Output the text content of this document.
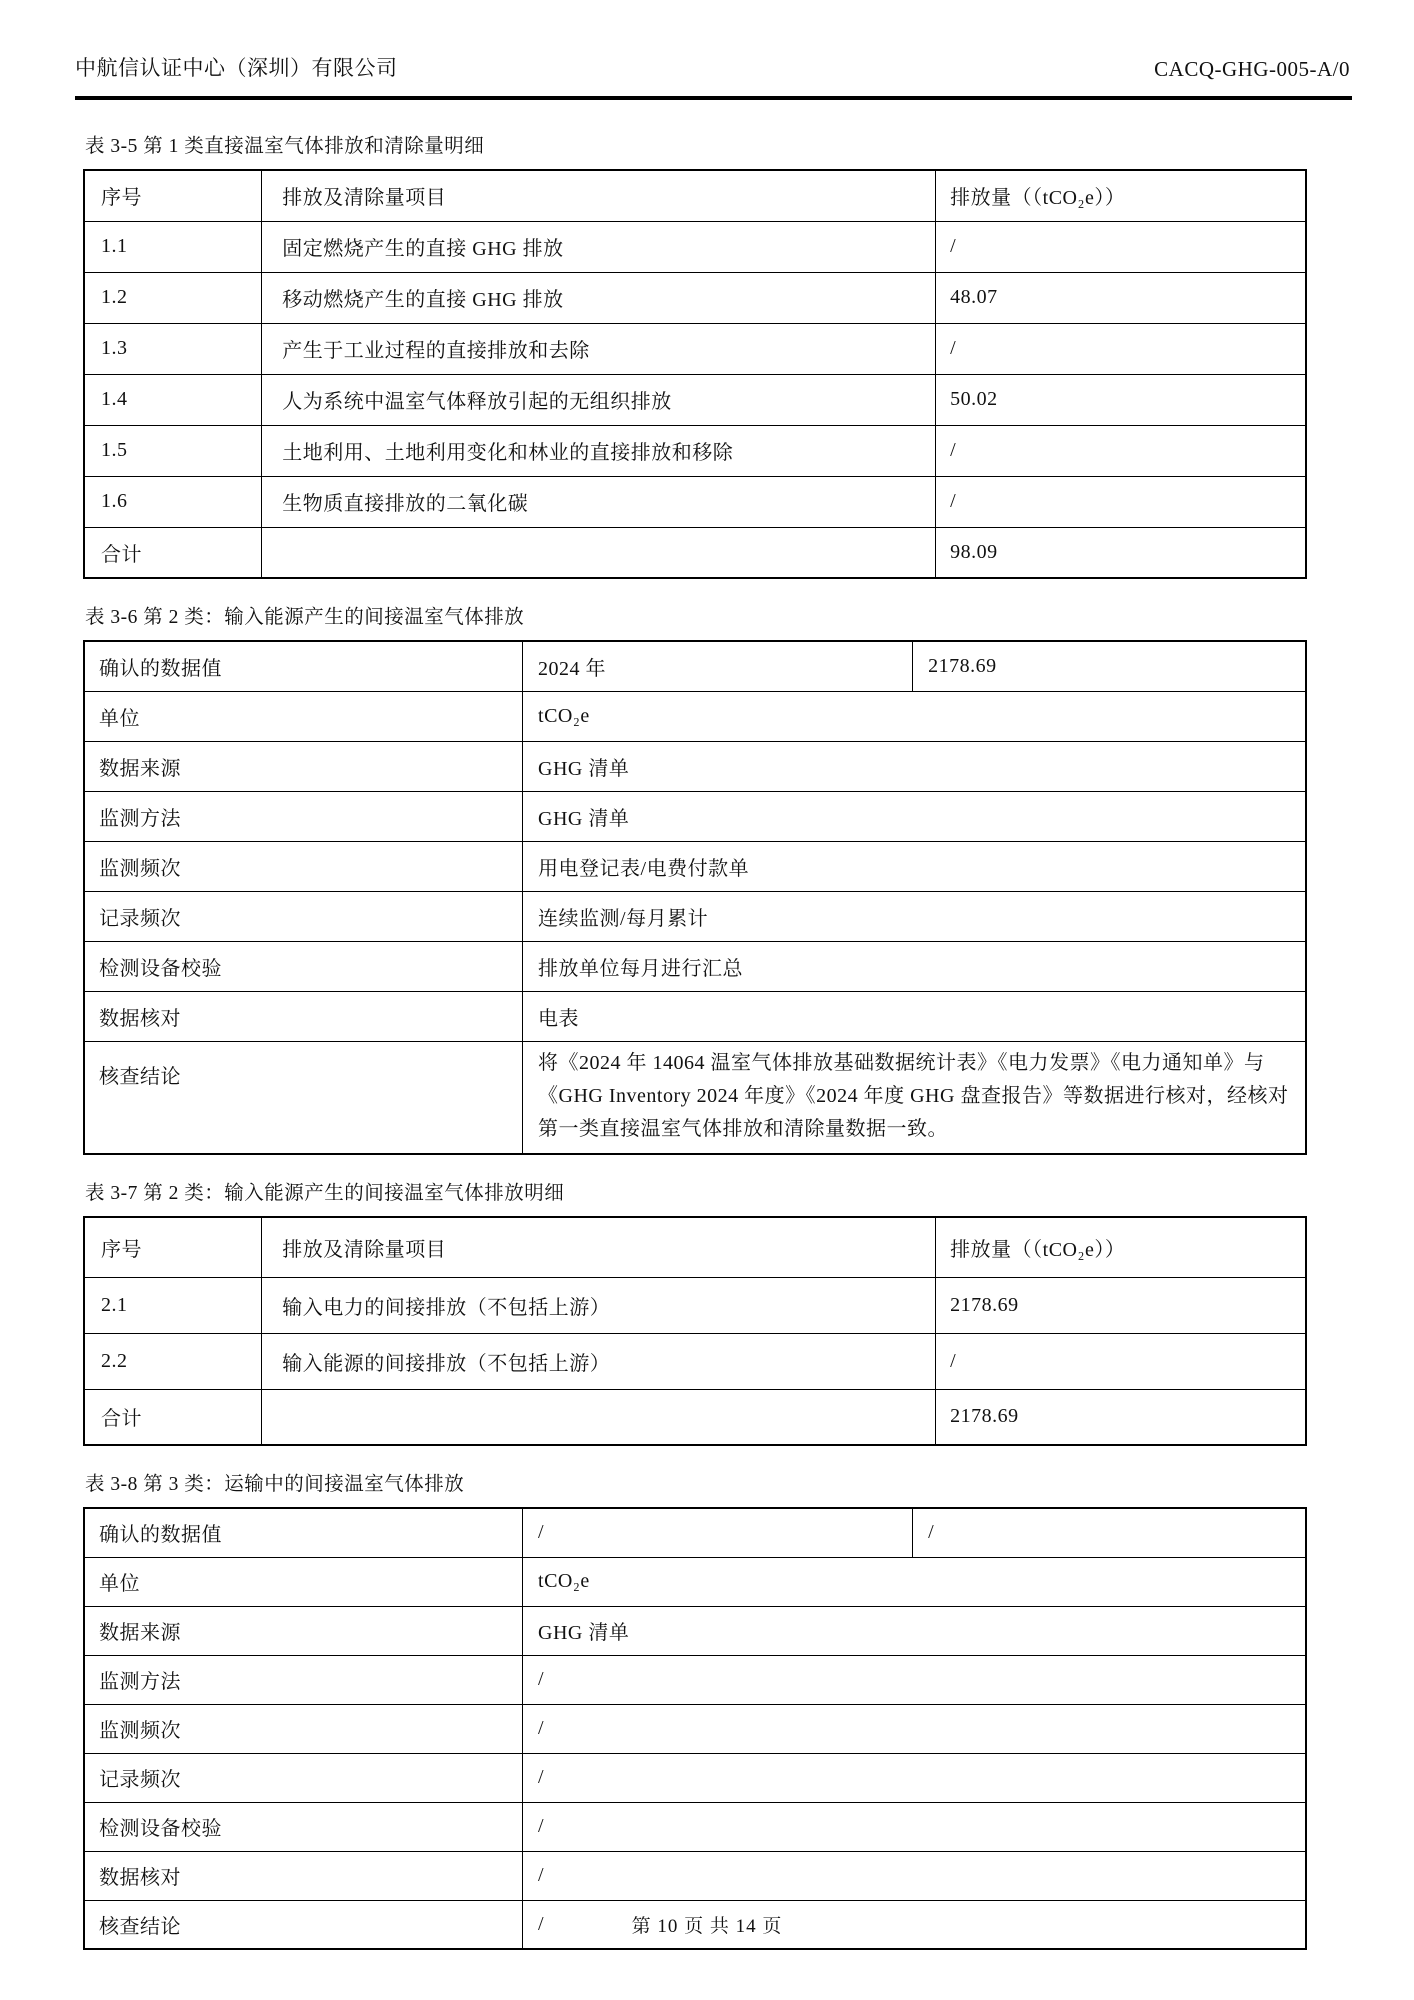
中航信认证中心（深圳）有限公司	CACQ-GHG-005-A/0

表 3-5 第 1 类直接温室气体排放和清除量明细

序号	排放及清除量项目	排放量（（tCO₂e））
1.1	固定燃烧产生的直接 GHG 排放	/
1.2	移动燃烧产生的直接 GHG 排放	48.07
1.3	产生于工业过程的直接排放和去除	/
1.4	人为系统中温室气体释放引起的无组织排放	50.02
1.5	土地利用、土地利用变化和林业的直接排放和移除	/
1.6	生物质直接排放的二氧化碳	/
合计		98.09

表 3-6 第 2 类：输入能源产生的间接温室气体排放

确认的数据值	2024 年	2178.69
单位	tCO₂e	
数据来源	GHG 清单	
监测方法	GHG 清单	
监测频次	用电登记表/电费付款单	
记录频次	连续监测/每月累计	
检测设备校验	排放单位每月进行汇总	
数据核对	电表	
核查结论	将《2024 年 14064 温室气体排放基础数据统计表》《电力发票》《电力通知单》与《GHG Inventory 2024 年度》《2024 年度 GHG 盘查报告》等数据进行核对，经核对第一类直接温室气体排放和清除量数据一致。	

表 3-7 第 2 类：输入能源产生的间接温室气体排放明细

序号	排放及清除量项目	排放量（（tCO₂e））
2.1	输入电力的间接排放（不包括上游）	2178.69
2.2	输入能源的间接排放（不包括上游）	/
合计		2178.69

表 3-8 第 3 类：运输中的间接温室气体排放

确认的数据值	/	/
单位	tCO₂e	
数据来源	GHG 清单	
监测方法	/	
监测频次	/	
记录频次	/	
检测设备校验	/	
数据核对	/	
核查结论	/		第 10 页 共 14 页
